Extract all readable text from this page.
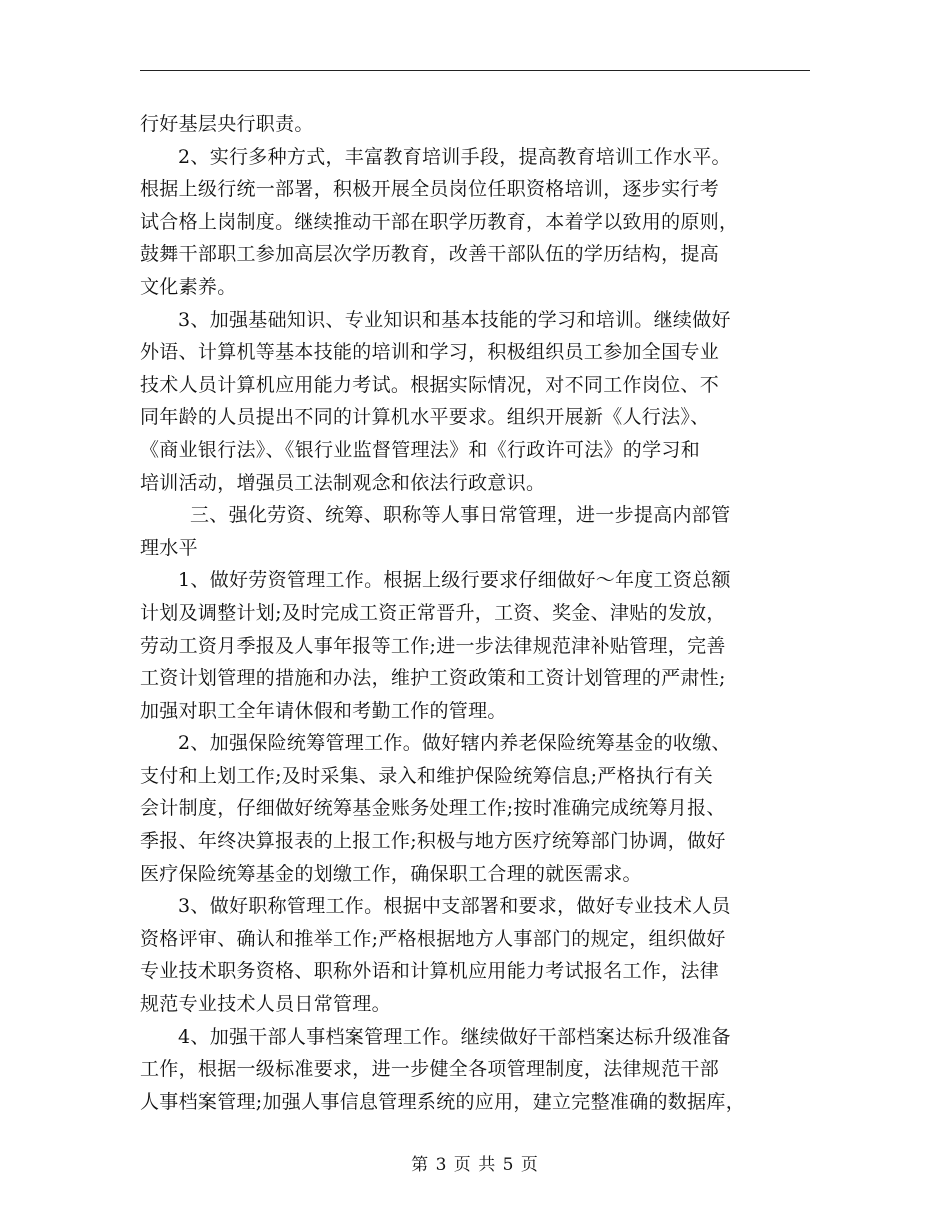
行好基层央行职责。
2、实行多种方式，丰富教育培训手段，提高教育培训工作水平。
根据上级行统一部署，积极开展全员岗位任职资格培训，逐步实行考
试合格上岗制度。继续推动干部在职学历教育，本着学以致用的原则，
鼓舞干部职工参加高层次学历教育，改善干部队伍的学历结构，提高
文化素养。
3、加强基础知识、专业知识和基本技能的学习和培训。继续做好
外语、计算机等基本技能的培训和学习，积极组织员工参加全国专业
技术人员计算机应用能力考试。根据实际情况，对不同工作岗位、不
同年龄的人员提出不同的计算机水平要求。组织开展新《人行法》、
《商业银行法》、《银行业监督管理法》和《行政许可法》的学习和
培训活动，增强员工法制观念和依法行政意识。
三、强化劳资、统筹、职称等人事日常管理，进一步提高内部管
理水平
1、做好劳资管理工作。根据上级行要求仔细做好～年度工资总额
计划及调整计划;及时完成工资正常晋升，工资、奖金、津贴的发放，
劳动工资月季报及人事年报等工作;进一步法律规范津补贴管理，完善
工资计划管理的措施和办法，维护工资政策和工资计划管理的严肃性;
加强对职工全年请休假和考勤工作的管理。
2、加强保险统筹管理工作。做好辖内养老保险统筹基金的收缴、
支付和上划工作;及时采集、录入和维护保险统筹信息;严格执行有关
会计制度，仔细做好统筹基金账务处理工作;按时准确完成统筹月报、
季报、年终决算报表的上报工作;积极与地方医疗统筹部门协调，做好
医疗保险统筹基金的划缴工作，确保职工合理的就医需求。
3、做好职称管理工作。根据中支部署和要求，做好专业技术人员
资格评审、确认和推举工作;严格根据地方人事部门的规定，组织做好
专业技术职务资格、职称外语和计算机应用能力考试报名工作，法律
规范专业技术人员日常管理。
4、加强干部人事档案管理工作。继续做好干部档案达标升级准备
工作，根据一级标准要求，进一步健全各项管理制度，法律规范干部
人事档案管理;加强人事信息管理系统的应用，建立完整准确的数据库，
第 3 页 共 5 页
